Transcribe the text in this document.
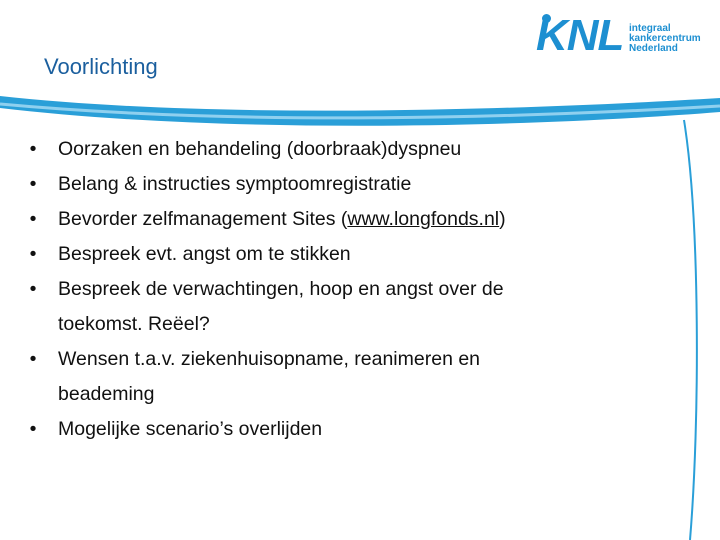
KNL integraal
kankercentrum
Nederland
Voorlichting
• Oorzaken en behandeling (doorbraak)dyspneu
• Belang & instructies symptoomregistratie
• Bevorder zelfmanagement Sites (www.longfonds.nl)
• Bespreek evt. angst om te stikken
• Bespreek de verwachtingen, hoop en angst over de
toekomst. Reëel?
• Wensen t.a.v. ziekenhuisopname, reanimeren en
beademing
• Mogelijke scenario’s overlijden
